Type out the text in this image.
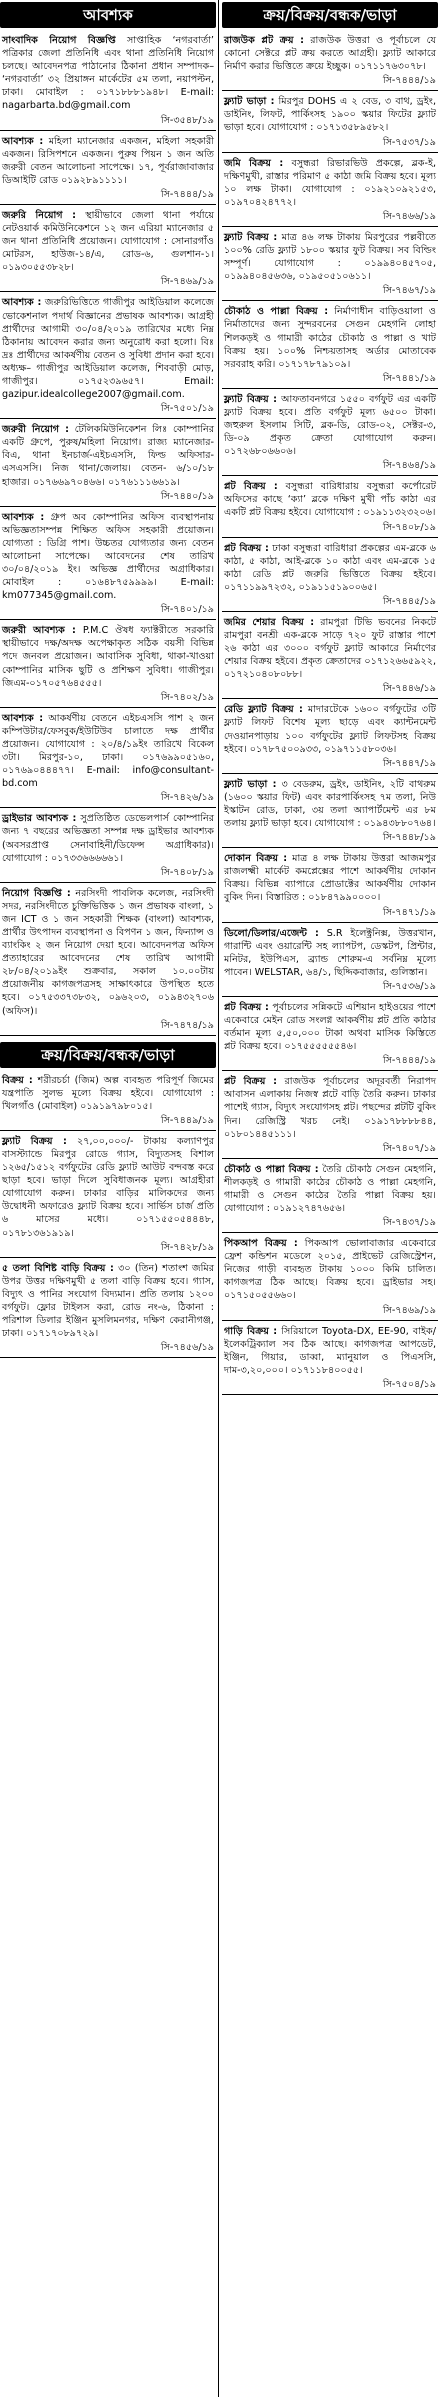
আবশ্যক
সাংবাদিক নিয়োগ বিজ্ঞপ্তি সাপ্তাহিক ‘নগরবার্তা’ পত্রিকার জেলা প্রতিনিধি এবং থানা প্রতিনিধি নিয়োগ চলছে। আবেদনপত্র পাঠানোর ঠিকানা প্রধান সম্পাদক– ‘নগরবার্তা’ ৩২ প্রিয়াঙ্গন মার্কেটের ৫ম তলা, নয়াপল্টন, ঢাকা। মোবাইল : ০১৭১৮৮৮১৯৪৮। E-mail: nagarbarta.bd@gmail.com
সি-৩৫৪৮/১৯
আবশ্যক : মহিলা ম্যানেজার একজন, মহিলা সহকারী একজন। রিসিপশনে একজন। পুরুষ পিয়ন ১ জন অতি জরুরী বেতন আলোচনা সাপেক্ষে। ১৭, পূর্বরাজাবাজার ডিআইটি রোড ০১৯২৮৯১১১১।
সি-৭৪৪৪/১৯
জরুরি নিয়োগ : স্থায়ীভাবে জেলা থানা পর্যায়ে নেটওয়ার্ক কমিউনিকেশনে ১২ জন এরিয়া ম্যানেজার ৫ জন থানা প্রতিনিধি প্রয়োজন। যোগাযোগ : সোনারগাঁও মোটরস, হাউজ-১৪/এ, রোড-৬, গুলশান-১। ০১৯৩০৫৫৩৮২৮।
সি-৭৪৬৯/১৯
আবশ্যক : জরুরিভিত্তিতে গাজীপুর আইডিয়াল কলেজে ভোকেশনাল পদার্থ বিজ্ঞানের প্রভাষক আবশ্যক। আগ্রহী প্রার্থীদের আগামী ৩০/০৪/২০১৯ তারিখের মধ্যে নিম্ন ঠিকানায় আবেদন করার জন্য অনুরোধ করা হলো। বিঃ দ্রঃ প্রার্থীদের আকর্ষণীয় বেতন ও সুবিধা প্রদান করা হবে। অধ্যক্ষ– গাজীপুর আইডিয়াল কলেজ, শিববাড়ী মোড়, গাজীপুর। ০১৭৫২৩৯৬৫৭। Email: gazipur.idealcollege2007@gmail.com.
সি-৭৫০১/১৯
জরুরী নিয়োগ : টেলিকমিউনিকেশন লিঃ কোম্পানির একটি গ্রুপে, পুরুষ/মহিলা নিয়োগ। রাজ্য ম্যানেজার-বিএ, থানা ইনচার্জ-এইচএসসি, ফিল্ড অফিসার-এসএসসি। নিজ থানা/জেলায়। বেতন- ৬/১০/১৮ হাজার। ০১৭৬৬৯৭০৪৬৬। ০১৭৬১১১৬৬১৯।
সি-৭৪৪০/১৯
আবশ্যক : গ্রুপ অব কোম্পানির অফিস ব্যবস্থাপনায় অভিজ্ঞতাসম্পন্ন শিক্ষিত অফিস সহকারী প্রয়োজন। যোগ্যতা : ডিগ্রি পাশ। উচ্চতর যোগ্যতার জন্য বেতন আলোচনা সাপেক্ষে। আবেদনের শেষ তারিখ ৩০/০৪/২০১৯ ইং। অভিজ্ঞ প্রার্থীদের অগ্রাধিকার। মোবাইল : ০১৬৪৮৭৫৯৯৯৯। E-mail: km077345@gmail.com.
সি-৭৪০১/১৯
জরুরী আবশ্যক : P.M.C ঔষধ ফ্যাক্টরীতে সরকারি স্থায়ীভাবে দক্ষ/অদক্ষ অপেক্ষাকৃত সঠিক বয়সী বিভিন্ন পদে জনবল প্রয়োজন। আবাসিক সুবিধা, থাকা-খাওয়া কোম্পানির মাসিক ছুটি ও প্রশিক্ষণ সুবিধা। গাজীপুর। জিএম-০১৭০৫৭৬৪৫৫৫।
সি-৭৪০২/১৯
আবশ্যক : আকর্ষণীয় বেতনে এইচএসসি পাশ ২ জন কম্পিউটার/ফেসবুক/ইউটিউব চালাতে দক্ষ প্রার্থীর প্রয়োজন। যোগাযোগ : ২০/৪/১৯ইং তারিখে বিকেল ৩টা। মিরপুর-১০, ঢাকা। ০১৭৬৯৯০৫১৬০, ০১৭৬৯০৪৪৪৭৭। E-mail: info@consultant-bd.com
সি-৭৪২৬/১৯
ড্রাইভার আবশ্যক : সুপ্রতিষ্ঠিত ডেভেলপার্স কোম্পানির জন্য ৭ বছরের অভিজ্ঞতা সম্পন্ন দক্ষ ড্রাইভার আবশ্যক (অবসরপ্রাপ্ত সেনাবাহিনী/ডিফেন্স অগ্রাধিকার)। যোগাযোগ : ০১৭৩৩৬৬৬৬৬১।
সি-৭৪০৮/১৯
নিয়োগ বিজ্ঞপ্তি : নরসিংদী পাবলিক কলেজ, নরসিংদী সদর, নরসিংদীতে চুক্তিভিত্তিক ১ জন প্রভাষক বাংলা, ১ জন ICT ও ১ জন সহকারী শিক্ষক (বাংলা) আবশ্যক, প্রার্থীর উৎপাদন ব্যবস্থাপনা ও বিপণন ১ জন, ফিন্যান্স ও ব্যাংকিং ২ জন নিয়োগ দেয়া হবে। আবেদনপত্র অফিস প্রত্যাহারের আবেদনের শেষ তারিখ আগামী ২৮/০৪/২০১৯ইং শুক্রবার, সকাল ১০.০০টায় প্রয়োজনীয় কাগজপত্রসহ সাক্ষাৎকারে উপস্থিত হতে হবে। ০১৭৫৩৩৭৩৮৩২, ০৯৬২০৩, ০১৯৪৩২৭০৬ (অফিস)।
সি-৭৪৭৪/১৯
ক্রয়/বিক্রয়/বন্ধক/ভাড়া
বিক্রয় : শরীরচর্চা (জিম) অল্প ব্যবহৃত পরিপূর্ণ জিমের যন্ত্রপাতি সুলভ মূল্যে বিক্রয় হইবে। যোগাযোগ : খিলগাঁও (মোবাইল) ০১৯১৯৭৯৮০১৫।
সি-৭৪৪৯/১৯
ফ্ল্যাট বিক্রয় : ২৭,০০,০০০/- টাকায় কল্যাণপুর বাসস্ট্যান্ডে মিরপুর রোডে গ্যাস, বিদ্যুতসহ বিশাল ১২৬৫/১৫১২ বর্গফুটের রেডি ফ্ল্যাট আউট বন্দবস্ত করে ছাড়া হবে। ভাড়া দিলে সুবিধাজনক মূল্য। আগ্রহীরা যোগাযোগ করুন। ঢাকার বাড়ির মালিকদের জন্য উদ্বোধনী অফারেও ফ্ল্যাট বিক্রয় হবে। সার্ভিস চার্জ প্রতি ৬ মাসের মধ্যে। ০১৭১৫৫০৫৪৪৪৮, ০১৭৮১৩৬১৯১৯।
সি-৭৪২৮/১৯
৫ তলা বিশিষ্ট বাড়ি বিক্রয় : ৩০ (তিন) শতাংশ জমির উপর উত্তর দক্ষিণমুখী ৫ তলা বাড়ি বিক্রয় হবে। গ্যাস, বিদ্যুৎ ও পানির সংযোগ বিদ্যমান। প্রতি তলায় ১২০০ বর্গফুট। ফ্লোর টাইলস করা, রোড নং-৬, ঠিকানা : পরিশাল ডিলার ইঞ্জিন মুসলিমনগর, দক্ষিণ কেরানীগঞ্জ, ঢাকা। ০১৭১৭০৮৯৭২৯।
সি-৭৪৫৬/১৯
ক্রয়/বিক্রয়/বন্ধক/ভাড়া
রাজউক প্লট ক্রয় : রাজউক উত্তরা ও পূর্বাচলে যে কোনো সেক্টরে প্লট ক্রয় করতে আগ্রহী। ফ্ল্যাট আকারে নির্মাণ করার ভিত্তিতে ক্রয়ে ইচ্ছুক। ০১৭১১৭৬৩০৭৮।
সি-৭৪৪৪/১৯
ফ্ল্যাট ভাড়া : মিরপুর DOHS এ ২ বেড, ৩ বাথ, ড্রইং, ডাইনিং, লিফট, পার্কিংসহ ১৯০০ স্কয়ার ফিটের ফ্ল্যাট ভাড়া হবে। যোগাযোগ : ০১৭১৩৫৮৯৫৮২।
সি-৭৫৩৭/১৯
জমি বিক্রয় : বসুন্ধরা রিভারভিউ প্রকল্পে, ব্লক-ই, দক্ষিণমুখী, রাস্তার পরিমাণ ৫ কাঠা জমি বিক্রয় হবে। মূল্য ১০ লক্ষ টাকা। যোগাযোগ : ০১৯২১০৯২১৫৩, ০১৯৭০৪২৪৭৭২।
সি-৭৪৬৬/১৯
ফ্ল্যাট বিক্রয় : মাত্র ৪৬ লক্ষ টাকায় মিরপুরের পল্লবীতে ১০০% রেডি ফ্ল্যাট ১৮০০ স্কয়ার ফুট বিক্রয়। সব বিল্ডিং সম্পূর্ণ। যোগাযোগ : ০১৯৯৪০৪৫৭০৫, ০১৯৯৪০৪৫৬৩৬, ০১৯৫০৫১০৬১১।
সি-৭৪৬৭/১৯
চৌকাঠ ও পাল্লা বিক্রয় : নির্মাণাধীন বাড়িওয়ালা ও নির্মাতাদের জন্য সুন্দরবনের সেগুন মেহগনি লোহা শিলকড়ই ও গামারী কাঠের চৌকাঠ ও পাল্লা ও খাট বিক্রয় হয়। ১০০% নিশ্চয়তাসহ অর্ডার মোতাবেক সরবরাহ করি। ০১৭১৭৮৭৯১০৯।
সি-৭৪৪১/১৯
ফ্ল্যাট বিক্রয় : আফতাবনগরে ১৫৫০ বর্গফুট এর একটি ফ্ল্যাট বিক্রয় হবে। প্রতি বর্গফুট মূল্য ৬৫০০ টাকা। জহুরুল ইসলাম সিটি, ব্লক-ডি, রোড-০২, সেক্টর-৩, ডি-০৯ প্রকৃত ক্রেতা যোগাযোগ করুন। ০১৭২৬৮০৬৬০৬।
সি-৭৪৬৪/১৯
প্লট বিক্রয় : বসুন্ধরা বারিধারায় বসুন্ধরা কর্পোরেট অফিসের কাছে ‘ক্যা’ ব্লকে দক্ষিণ মুখী পাঁচ কাঠা এর একটি প্লট বিক্রয় হইবে। যোগাযোগ : ০১৯১১৩২৩২০৬।
সি-৭৪০৮/১৯
প্লট বিক্রয় : ঢাকা বসুন্ধরা বারিধারা প্রকল্পের এম-ব্লকে ৬ কাঠা, ৫ কাঠা, আই-ব্লকে ১০ কাঠা এবং এম-ব্লকে ১৫ কাঠা রেডি প্লট জরুরি ভিত্তিতে বিক্রয় হইবে। ০১৭১১৯৯৭২৩২, ০১৯১১৫১৯০০৬৫।
সি-৭৪৪৫/১৯
জমির শেয়ার বিক্রয় : রামপুরা টিভি ভবনের নিকটে রামপুরা বনশ্রী এক-ব্লকে সাড়ে ৭২০ ফুট রাস্তার পাশে ২৬ কাঠা এর ৩০০০ বর্গফুট ফ্ল্যাট আকারে নির্মাণের শেয়ার বিক্রয় হইবে। প্রকৃত ক্রেতাদের ০১৭১২৬৬৫৯২২, ০১৭২১০৪০৮০৮৮।
সি-৭৪৪৬/১৯
রেডি ফ্ল্যাট বিক্রয় : মাদারটেকে ১৬০০ বর্গফুটের ৩টি ফ্ল্যাট লিফট বিশেষ মূল্য ছাড়ে এবং ক্যান্টনমেন্ট দেওয়ানপাড়ায় ১০০ বর্গফুটের ফ্ল্যাট লিফটসহ বিক্রয় হইবে। ০১৭৮৭৫০০৯৩৩, ০১৯৭১১৫৮০৩৬।
সি-৭৪৪৭/১৯
ফ্ল্যাট ভাড়া : ৩ বেডরুম, ড্রইং, ডাইনিং, ২টি বাথরুম (১৬০০ স্কয়ার ফিট) এবং কারপার্কিংসহ ৭ম তলা, নিউ ইস্কাটন রোড, ঢাকা, ৩য় তলা অ্যাপার্টমেন্ট এর ৮ম তলায় ফ্ল্যাট ভাড়া হবে। যোগাযোগ : ০১৯৪৩৮৮০৭৬৪।
সি-৭৪৪৮/১৯
দোকান বিক্রয় : মাত্র ৪ লক্ষ টাকায় উত্তরা আজমপুর রাজলক্ষ্মী মার্কেট কমপ্লেক্সের পাশে আকর্ষণীয় দোকান বিক্রয়। বিভিন্ন ব্যাপারে প্রোডাক্টের আকর্ষণীয় দোকান বুকিং দিন। বিস্তারিত : ০১৮৪৭৯৯০০০০।
সি-৭৪৭১/১৯
ডিলো/ডিলার/এজেন্ট : S.R ইলেক্ট্রনিক্স, উত্তরখান, গারান্টি এবং ওয়ারেন্টি সহ ল্যাপটপ, ডেস্কটপ, প্রিন্টার, মনিটর, ইউপিএস, ব্র্যান্ড শোরুম-এ সর্বনিম্ন মূল্যে পাবেন। WELSTAR, ৬৪/১, ছিদ্দিকবাজার, গুলিস্তান।
সি-৭৫৩৬/১৯
প্লট বিক্রয় : পূর্বাচলের সন্নিকটে এশিয়ান হাইওয়ের পাশে একেবারে মেইন রোড সংলগ্ন আকর্ষণীয় প্লট প্রতি কাঠার বর্তমান মূল্য ৫,৫০,০০০ টাকা অথবা মাসিক কিস্তিতে প্লট বিক্রয় হবে। ০১৭৫৫৫৫৫৫৪৬।
সি-৭৪৪৪/১৯
প্লট বিক্রয় : রাজউক পূর্বাচলের অদূরবর্তী নিরাপদ আবাসন এলাকায় নিজস্ব প্লটে বাড়ি তৈরি করুন। ঢাকার পাশেই গ্যাস, বিদ্যুৎ সংযোগসহ প্লট। পছন্দের প্লটটি বুকিং দিন। রেজিস্ট্রি খরচ নেই। ০১৯১৭৮৮৮৮৪৪, ০১৮০১৪৪৫১১১।
সি-৭৪০৭/১৯
চৌকাঠ ও পাল্লা বিক্রয় : তৈরি চৌকাঠ সেগুন মেহগনি, শীলকড়ই ও গামারী কাঠের চৌকাঠ ও পাল্লা মেহগনি, গামারী ও সেগুন কাঠের তৈরি পাল্লা বিক্রয় হয়। যোগাযোগ : ০১৯১২৭৪৭৬৫৬।
সি-৭৪৩৭/১৯
পিকআপ বিক্রয় : পিকআপ ভোলাবাজার একেবারে ফ্রেশ কন্ডিশন মডেলে ২০১৫, প্রাইভেট রেজিস্ট্রেশন, নিজের গাড়ী ব্যবহৃত টাকায় ১০০০ কিমি চালিত। কাগজপত্র ঠিক আছে। বিক্রয় হবে। ড্রাইভার সহ। ০১৭১৫০৫৫৬৬০।
সি-৭৪৬৯/১৯
গাড়ি বিক্রয় : সিরিয়ালে Toyota-DX, EE-90, বাইক/ইলেকট্রিক্যাল সব ঠিক আছে। কাগজপত্র আপডেট, ইঞ্জিন, গিয়ার, ডাব্বা, ম্যানুয়াল ও পিএসসি, দাম-৩,২০,০০০। ০১৭১১৮৪০০৫৫।
সি-৭৫০৪/১৯
